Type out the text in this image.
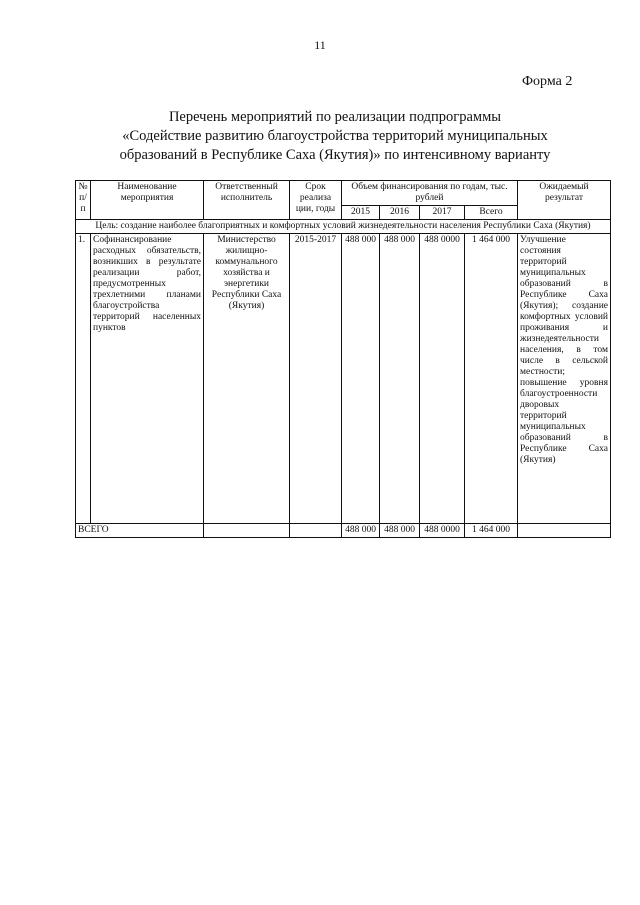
11
Форма 2
Перечень мероприятий по реализации подпрограммы
«Содействие развитию благоустройства территорий муниципальных
образований в Республике Саха (Якутия)» по интенсивному варианту
№ п/п	Наименование мероприятия	Ответственный исполнитель	Срок реализа ции, годы	Объем финансирования по годам, тыс. рублей				Ожидаемый результат
				2015	2016	2017	Всего	
Цель: создание наиболее благоприятных и комфортных условий жизнедеятельности населения Республики Саха (Якутия)								
1.	Софинансирование расходных обязательств, возникших в результате реализации работ, предусмотренных трехлетними планами благоустройства территорий населенных пунктов	Министерство жилищно-коммунального хозяйства и энергетики Республики Саха (Якутия)	2015-2017	488 000	488 000	488 0000	1 464 000	Улучшение состояния территорий муниципальных образований в Республике Саха (Якутия); создание комфортных условий проживания и жизнедеятельности населения, в том числе в сельской местности; повышение уровня благоустроенности дворовых территорий муниципальных образований в Республике Саха (Якутия)
ВСЕГО				488 000	488 000	488 0000	1 464 000	
